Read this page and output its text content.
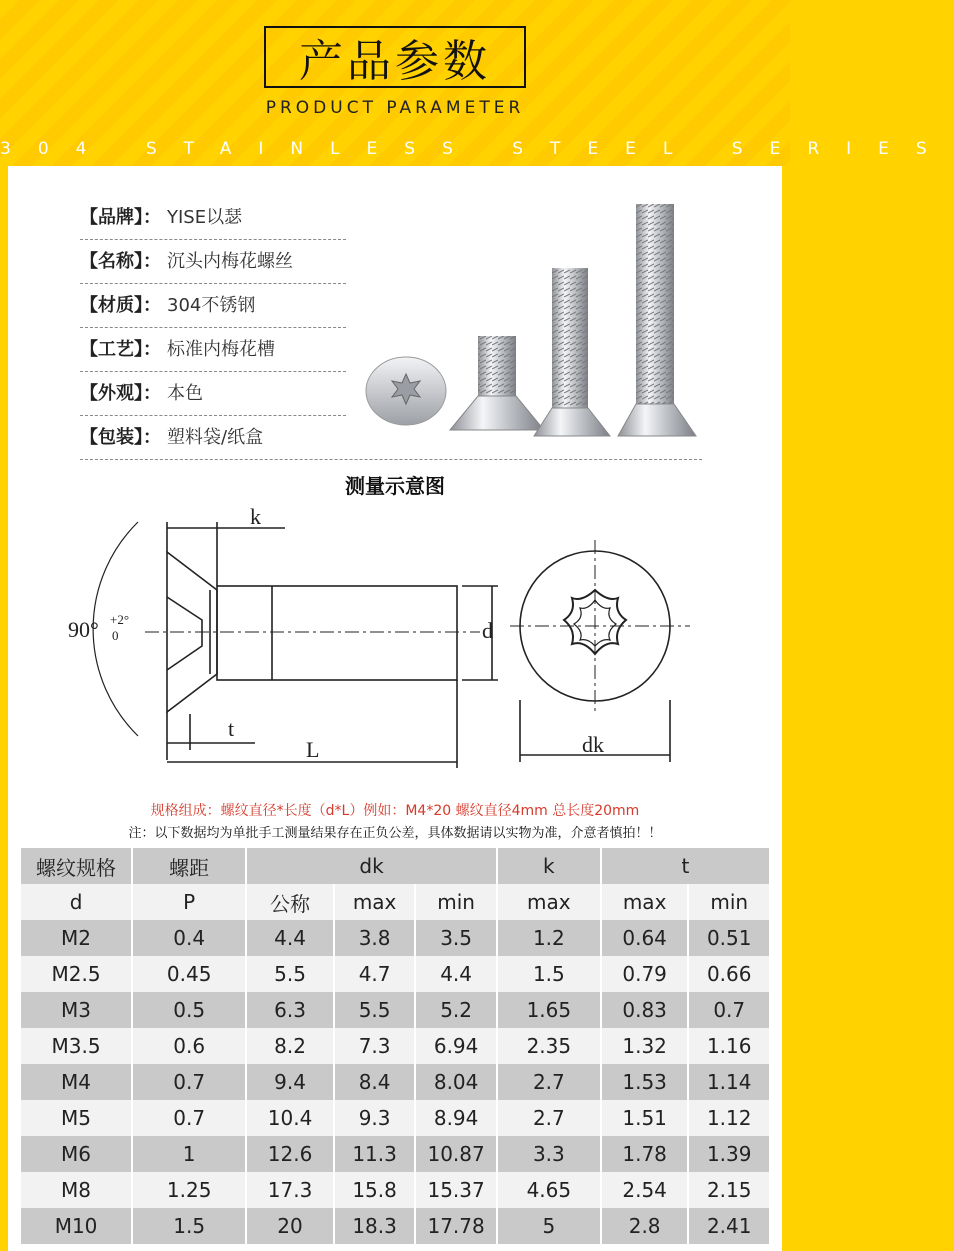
产品参数
PRODUCT PARAMETER
304 STAINLESS STEEL SERIES
【品牌】： YISE以瑟
【名称】： 沉头内梅花螺丝
【材质】： 304不锈钢
【工艺】： 标准内梅花槽
【外观】： 本色
【包装】： 塑料袋/纸盒
测量示意图
k
90° +2°
0
t
L
d
dk
规格组成：螺纹直径*长度（d*L）例如：M4*20 螺纹直径4mm 总长度20mm
注：以下数据均为单批手工测量结果存在正负公差，具体数据请以实物为准，介意者慎拍！！
螺纹规格	螺距	dk			k	t	
d	P	公称	max	min	max	max	min
M2	0.4	4.4	3.8	3.5	1.2	0.64	0.51
M2.5	0.45	5.5	4.7	4.4	1.5	0.79	0.66
M3	0.5	6.3	5.5	5.2	1.65	0.83	0.7
M3.5	0.6	8.2	7.3	6.94	2.35	1.32	1.16
M4	0.7	9.4	8.4	8.04	2.7	1.53	1.14
M5	0.7	10.4	9.3	8.94	2.7	1.51	1.12
M6	1	12.6	11.3	10.87	3.3	1.78	1.39
M8	1.25	17.3	15.8	15.37	4.65	2.54	2.15
M10	1.5	20	18.3	17.78	5	2.8	2.41
